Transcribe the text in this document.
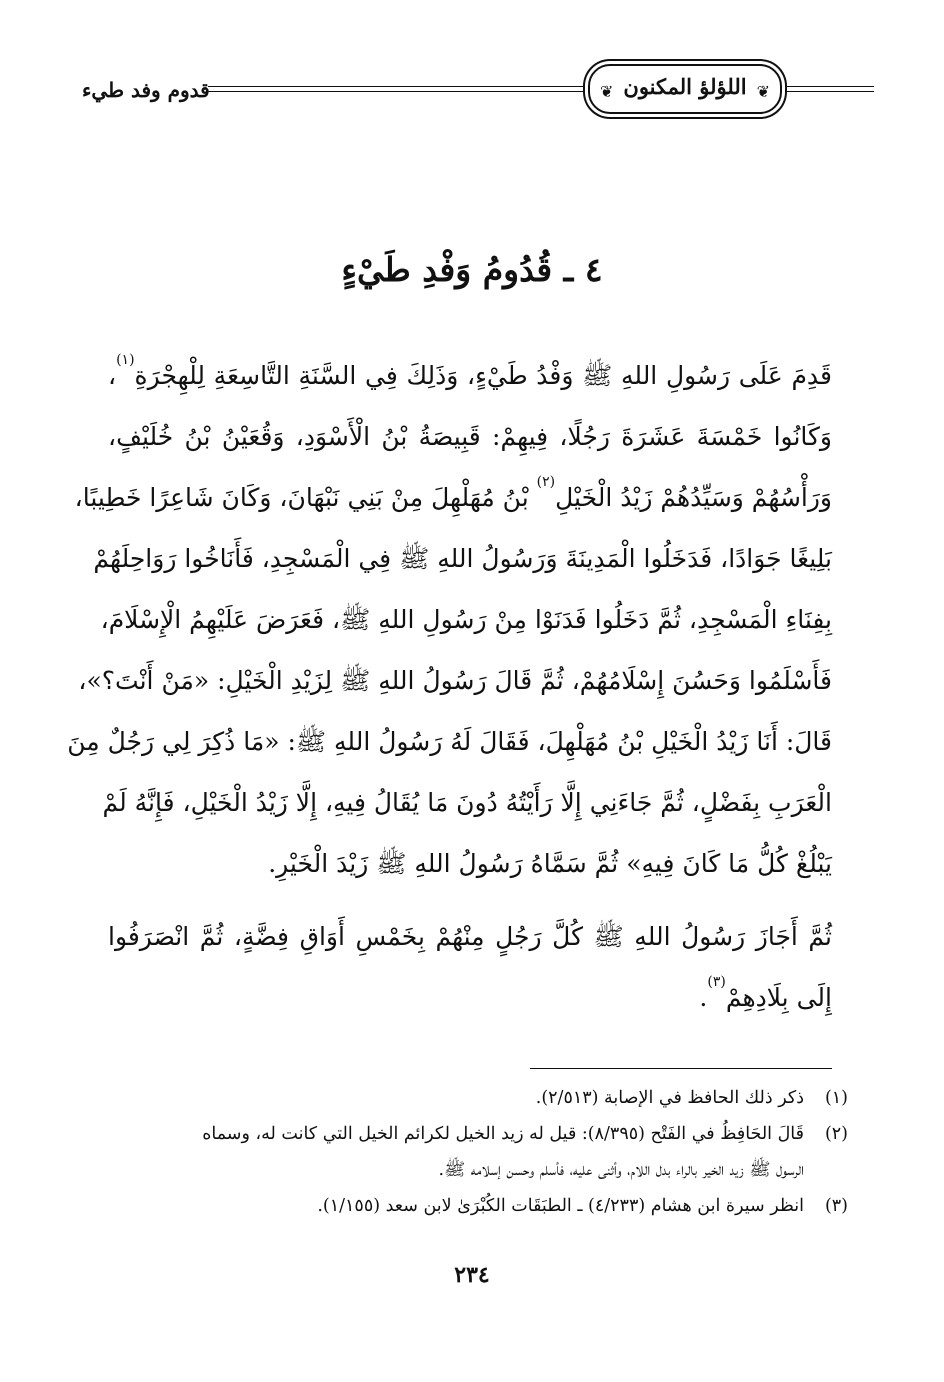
قدوم وفد طيء	❦ اللؤلؤ المكنون ❦
٤ ـ قُدُومُ وَفْدِ طَيْءٍ
قَدِمَ عَلَى رَسُولِ اللهِ ﷺ وَفْدُ طَيْءٍ، وَذَلِكَ فِي السَّنَةِ التَّاسِعَةِ لِلْهِجْرَةِ$^{(١)}$،
وَكَانُوا خَمْسَةَ عَشَرَةَ رَجُلًا، فِيهِمْ: قَبِيصَةُ بْنُ الْأَسْوَدِ، وَقُعَيْنُ بْنُ خُلَيْفٍ،
وَرَأْسُهُمْ وَسَيِّدُهُمْ زَيْدُ الْخَيْلِ$^{(٢)}$ بْنُ مُهَلْهِلَ مِنْ بَنِي نَبْهَانَ، وَكَانَ شَاعِرًا خَطِيبًا،
بَلِيغًا جَوَادًا، فَدَخَلُوا الْمَدِينَةَ وَرَسُولُ اللهِ ﷺ فِي الْمَسْجِدِ، فَأَنَاخُوا رَوَاحِلَهُمْ
بِفِنَاءِ الْمَسْجِدِ، ثُمَّ دَخَلُوا فَدَنَوْا مِنْ رَسُولِ اللهِ ﷺ، فَعَرَضَ عَلَيْهِمُ الْإِسْلَامَ،
فَأَسْلَمُوا وَحَسُنَ إِسْلَامُهُمْ، ثُمَّ قَالَ رَسُولُ اللهِ ﷺ لِزَيْدِ الْخَيْلِ: «مَنْ أَنْتَ؟»،
قَالَ: أَنَا زَيْدُ الْخَيْلِ بْنُ مُهَلْهِلَ، فَقَالَ لَهُ رَسُولُ اللهِ ﷺ: «مَا ذُكِرَ لِي رَجُلٌ مِنَ
الْعَرَبِ بِفَضْلٍ، ثُمَّ جَاءَنِي إِلَّا رَأَيْتُهُ دُونَ مَا يُقَالُ فِيهِ، إِلَّا زَيْدُ الْخَيْلِ، فَإِنَّهُ لَمْ
يَبْلُغْ كُلُّ مَا كَانَ فِيهِ» ثُمَّ سَمَّاهُ رَسُولُ اللهِ ﷺ زَيْدَ الْخَيْرِ.
ثُمَّ أَجَازَ رَسُولُ اللهِ ﷺ كُلَّ رَجُلٍ مِنْهُمْ بِخَمْسِ أَوَاقِ فِضَّةٍ، ثُمَّ انْصَرَفُوا
إِلَى بِلَادِهِمْ$^{(٣)}$.
(١)
ذكر ذلك الحافظ في الإصابة (٢/٥١٣).
(٢)
قَالَ الحَافِظُ في الفَتْح (٨/٣٩٥): قيل له زيد الخيل لكرائم الخيل التي كانت له، وسماه
الرسول ﷺ زيد الخير بالراء بدل اللام، وأثنى عليه، فأسلم وحسن إسلامه ﷺ.
(٣)
انظر سيرة ابن هشام (٤/٢٣٣) ـ الطبَقَات الكُبْرَىٰ لابن سعد (١/١٥٥).
٢٣٤
